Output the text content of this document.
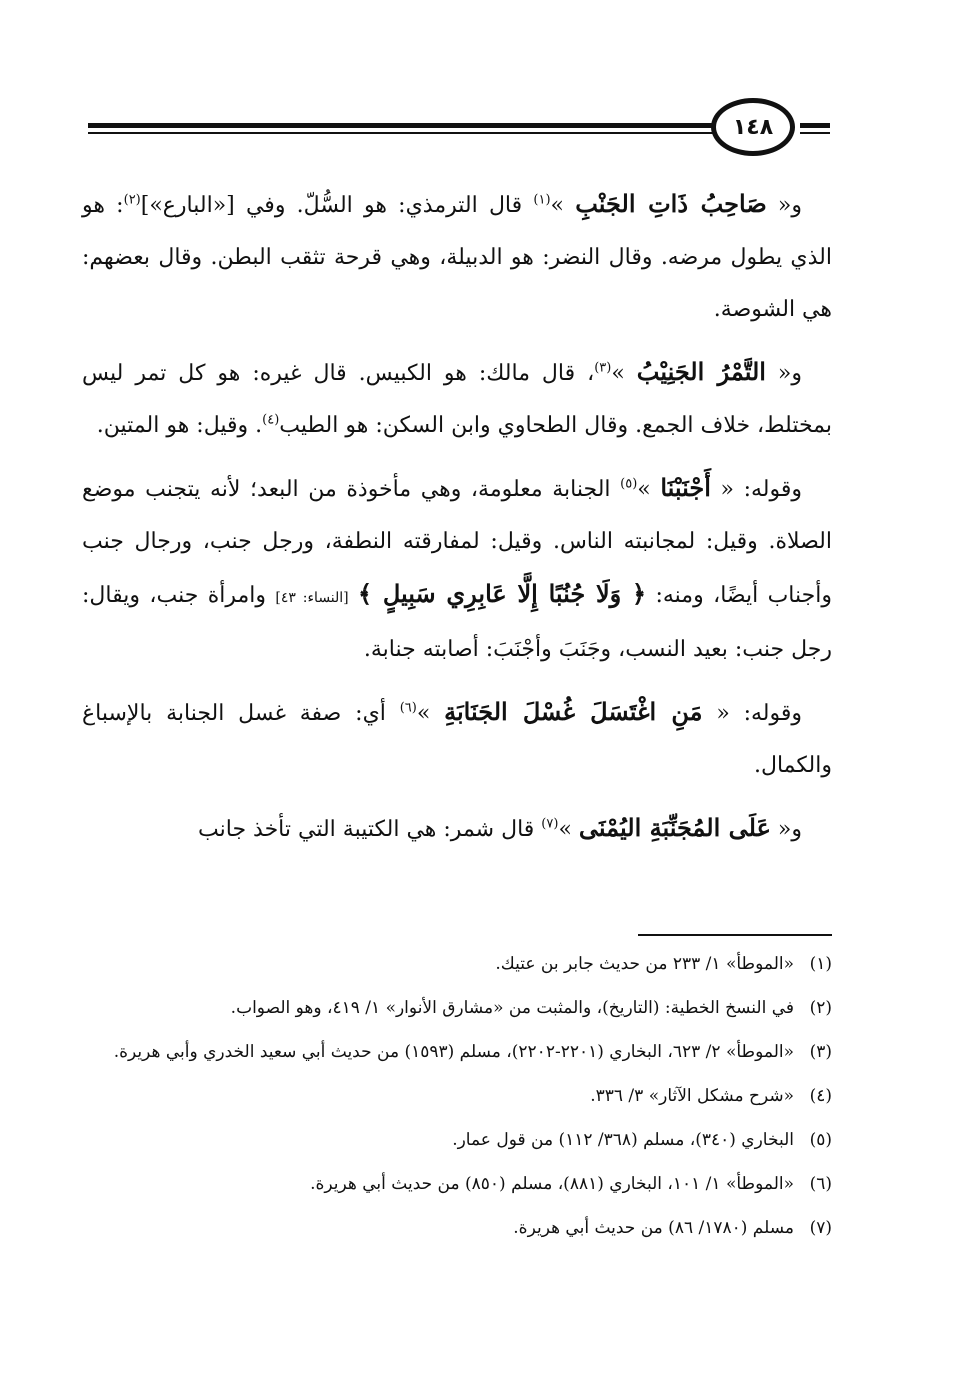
١٤٨

و« صَاحِبُ ذَاتِ الجَنْبِ »$^{(١)}$ قال الترمذي: هو السُّلّ. وفي [«البارع»]$^{(٢)}$: هو الذي يطول مرضه. وقال النضر: هو الدبيلة، وهي قرحة تثقب البطن. وقال بعضهم: هي الشوصة.

و« التَّمْرُ الجَنِيْبُ »$^{(٣)}$، قال مالك: هو الكبيس. قال غيره: هو كل تمر ليس بمختلط، خلاف الجمع. وقال الطحاوي وابن السكن: هو الطيب$^{(٤)}$. وقيل: هو المتين.

وقوله: « أَجْنَبْنَا »$^{(٥)}$ الجنابة معلومة، وهي مأخوذة من البعد؛ لأنه يتجنب موضع الصلاة. وقيل: لمجانبته الناس. وقيل: لمفارقته النطفة، ورجل جنب، ورجال جنب وأجناب أيضًا، ومنه: ﴿ وَلَا جُنُبًا إِلَّا عَابِرِي سَبِيلٍ ﴾ [النساء: ٤٣] وامرأة جنب، ويقال: رجل جنب: بعيد النسب، وجَنَبَ وأجْنَبَ: أصابته جنابة.

وقوله: « مَنِ اغْتَسَلَ غُسْلَ الجَنَابَةِ »$^{(٦)}$ أي: صفة غسل الجنابة بالإسباغ والكمال.

و« عَلَى المُجَنِّبَةِ اليُمْنَى »$^{(٧)}$ قال شمر: هي الكتيبة التي تأخذ جانب

(١)
«الموطأ» ١/ ٢٣٣ من حديث جابر بن عتيك.
(٢)
في النسخ الخطية: (التاريخ)، والمثبت من «مشارق الأنوار» ١/ ٤١٩، وهو الصواب.
(٣)
«الموطأ» ٢/ ٦٢٣، البخاري (٢٢٠١-٢٢٠٢)، مسلم (١٥٩٣) من حديث أبي سعيد الخدري وأبي هريرة.
(٤)
«شرح مشكل الآثار» ٣/ ٣٣٦.
(٥)
البخاري (٣٤٠)، مسلم (٣٦٨/ ١١٢) من قول عمار.
(٦)
«الموطأ» ١/ ١٠١، البخاري (٨٨١)، مسلم (٨٥٠) من حديث أبي هريرة.
(٧)
مسلم (١٧٨٠/ ٨٦) من حديث أبي هريرة.
